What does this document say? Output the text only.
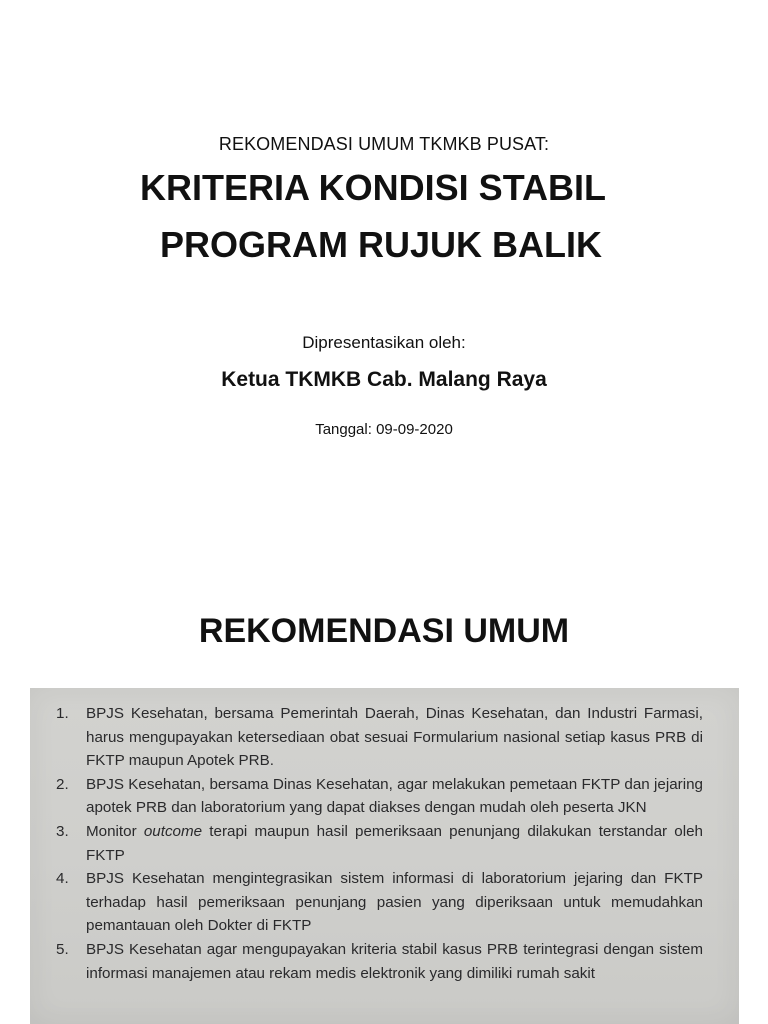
REKOMENDASI UMUM TKMKB PUSAT:
KRITERIA KONDISI STABIL
PROGRAM RUJUK BALIK
Dipresentasikan oleh:
Ketua TKMKB Cab. Malang Raya
Tanggal: 09-09-2020
REKOMENDASI UMUM
1. BPJS Kesehatan, bersama Pemerintah Daerah, Dinas Kesehatan, dan Industri Farmasi, harus mengupayakan ketersediaan obat sesuai Formularium nasional setiap kasus PRB di FKTP maupun Apotek PRB.
2. BPJS Kesehatan, bersama Dinas Kesehatan, agar melakukan pemetaan FKTP dan jejaring apotek PRB dan laboratorium yang dapat diakses dengan mudah oleh peserta JKN
3. Monitor outcome terapi maupun hasil pemeriksaan penunjang dilakukan terstandar oleh FKTP
4. BPJS Kesehatan mengintegrasikan sistem informasi di laboratorium jejaring dan FKTP terhadap hasil pemeriksaan penunjang pasien yang diperiksaan untuk memudahkan pemantauan oleh Dokter di FKTP
5. BPJS Kesehatan agar mengupayakan kriteria stabil kasus PRB terintegrasi dengan sistem informasi manajemen atau rekam medis elektronik yang dimiliki rumah sakit
